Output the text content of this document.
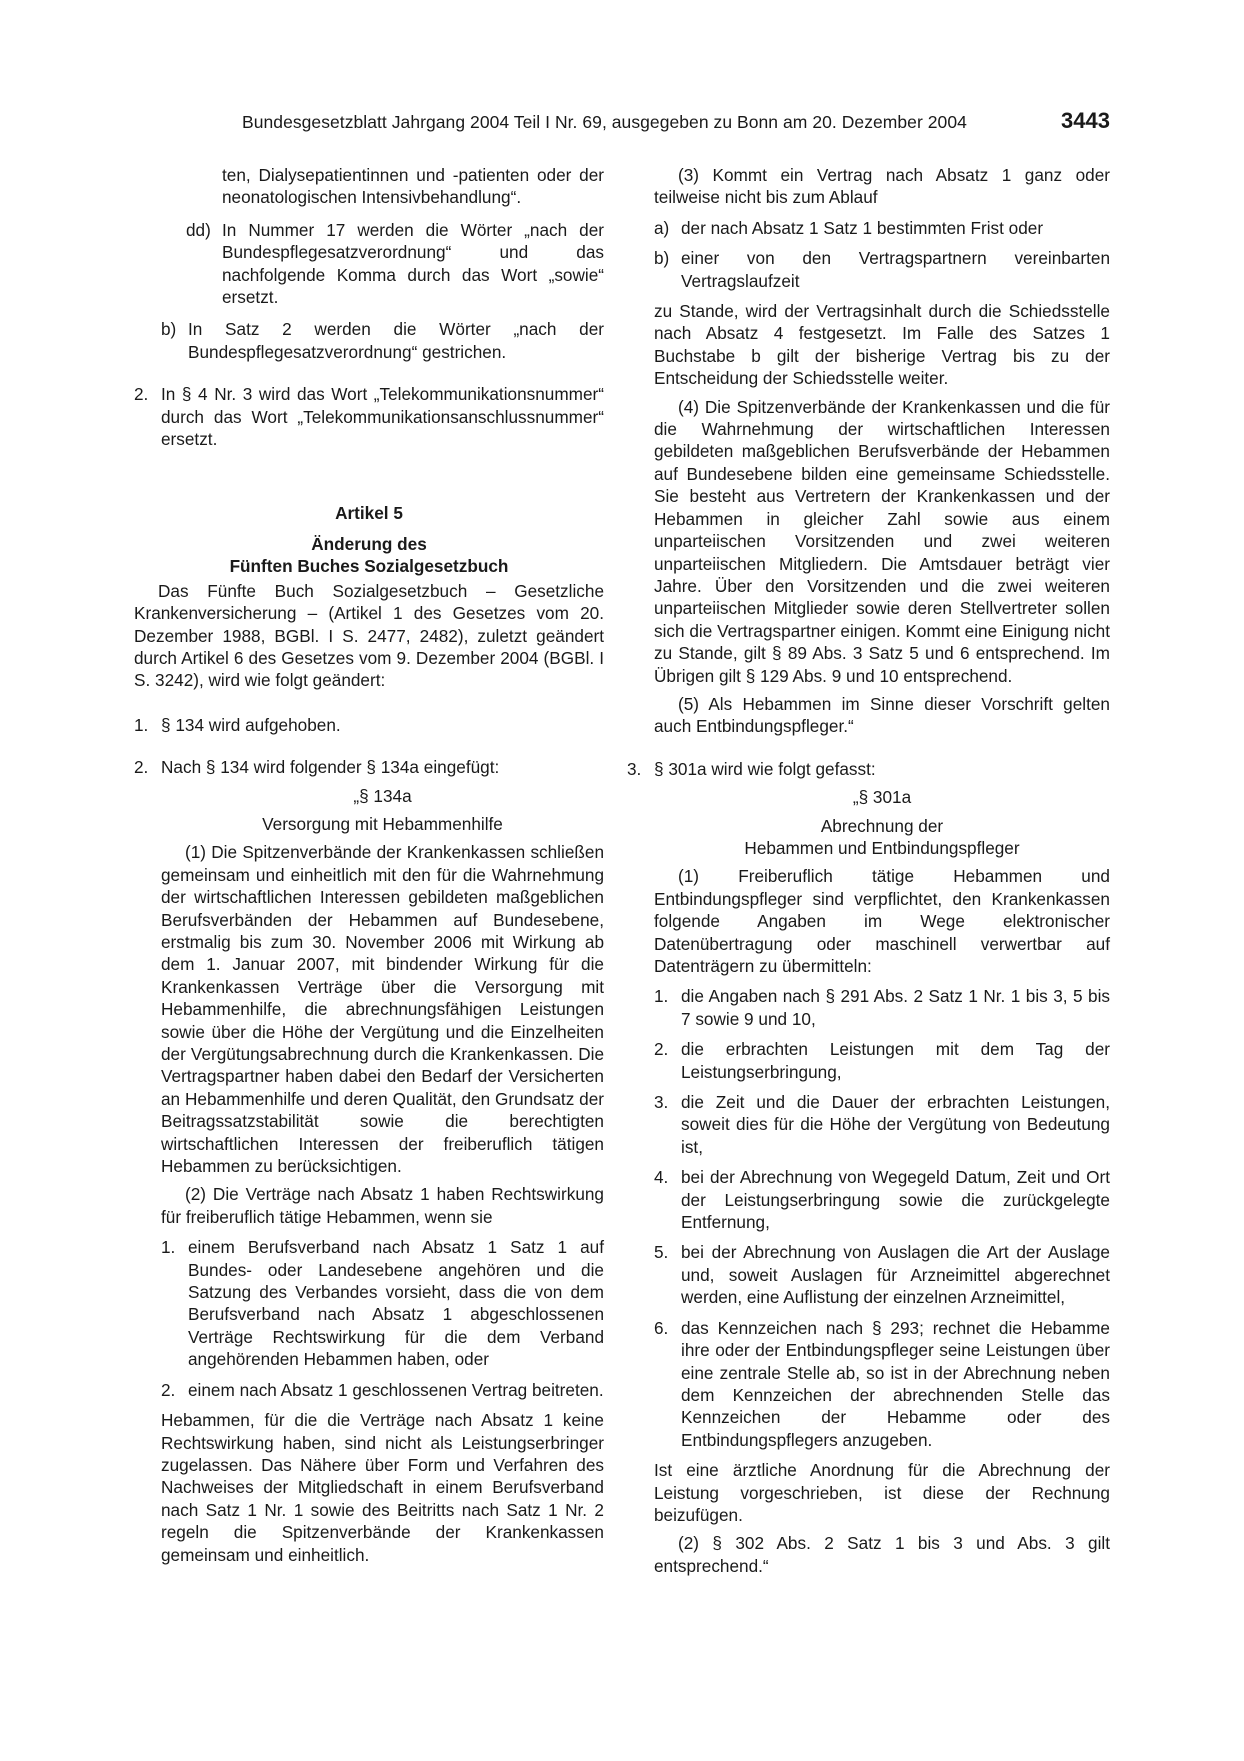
Bundesgesetzblatt Jahrgang 2004 Teil I Nr. 69, ausgegeben zu Bonn am 20. Dezember 2004	3443

ten, Dialysepatientinnen und -patienten oder der neonatologischen Intensivbehandlung“.

dd) In Nummer 17 werden die Wörter „nach der Bundespflegesatzverordnung“ und das nachfolgende Komma durch das Wort „sowie“ ersetzt.
b) In Satz 2 werden die Wörter „nach der Bundespflegesatzverordnung“ gestrichen.
2. In § 4 Nr. 3 wird das Wort „Telekommunikationsnummer“ durch das Wort „Telekommunikationsanschlussnummer“ ersetzt.

Artikel 5

Änderung des

Fünften Buches Sozialgesetzbuch

Das Fünfte Buch Sozialgesetzbuch – Gesetzliche Krankenversicherung – (Artikel 1 des Gesetzes vom 20. Dezember 1988, BGBl. I S. 2477, 2482), zuletzt geändert durch Artikel 6 des Gesetzes vom 9. Dezember 2004 (BGBl. I S. 3242), wird wie folgt geändert:

1. § 134 wird aufgehoben.
2. Nach § 134 wird folgender § 134a eingefügt:

„§ 134a

Versorgung mit Hebammenhilfe

(1) Die Spitzenverbände der Krankenkassen schließen gemeinsam und einheitlich mit den für die Wahrnehmung der wirtschaftlichen Interessen gebildeten maßgeblichen Berufsverbänden der Hebammen auf Bundesebene, erstmalig bis zum 30. November 2006 mit Wirkung ab dem 1. Januar 2007, mit bindender Wirkung für die Krankenkassen Verträge über die Versorgung mit Hebammenhilfe, die abrechnungsfähigen Leistungen sowie über die Höhe der Vergütung und die Einzelheiten der Vergütungsabrechnung durch die Krankenkassen. Die Vertragspartner haben dabei den Bedarf der Versicherten an Hebammenhilfe und deren Qualität, den Grundsatz der Beitragssatzstabilität sowie die berechtigten wirtschaftlichen Interessen der freiberuflich tätigen Hebammen zu berücksichtigen.

(2) Die Verträge nach Absatz 1 haben Rechtswirkung für freiberuflich tätige Hebammen, wenn sie

1. einem Berufsverband nach Absatz 1 Satz 1 auf Bundes- oder Landesebene angehören und die Satzung des Verbandes vorsieht, dass die von dem Berufsverband nach Absatz 1 abgeschlossenen Verträge Rechtswirkung für die dem Verband angehörenden Hebammen haben, oder
2. einem nach Absatz 1 geschlossenen Vertrag beitreten.

Hebammen, für die die Verträge nach Absatz 1 keine Rechtswirkung haben, sind nicht als Leistungserbringer zugelassen. Das Nähere über Form und Verfahren des Nachweises der Mitgliedschaft in einem Berufsverband nach Satz 1 Nr. 1 sowie des Beitritts nach Satz 1 Nr. 2 regeln die Spitzenverbände der Krankenkassen gemeinsam und einheitlich.

(3) Kommt ein Vertrag nach Absatz 1 ganz oder teilweise nicht bis zum Ablauf

a) der nach Absatz 1 Satz 1 bestimmten Frist oder
b) einer von den Vertragspartnern vereinbarten Vertragslaufzeit

zu Stande, wird der Vertragsinhalt durch die Schiedsstelle nach Absatz 4 festgesetzt. Im Falle des Satzes 1 Buchstabe b gilt der bisherige Vertrag bis zu der Entscheidung der Schiedsstelle weiter.

(4) Die Spitzenverbände der Krankenkassen und die für die Wahrnehmung der wirtschaftlichen Interessen gebildeten maßgeblichen Berufsverbände der Hebammen auf Bundesebene bilden eine gemeinsame Schiedsstelle. Sie besteht aus Vertretern der Krankenkassen und der Hebammen in gleicher Zahl sowie aus einem unparteiischen Vorsitzenden und zwei weiteren unparteiischen Mitgliedern. Die Amtsdauer beträgt vier Jahre. Über den Vorsitzenden und die zwei weiteren unparteiischen Mitglieder sowie deren Stellvertreter sollen sich die Vertragspartner einigen. Kommt eine Einigung nicht zu Stande, gilt § 89 Abs. 3 Satz 5 und 6 entsprechend. Im Übrigen gilt § 129 Abs. 9 und 10 entsprechend.

(5) Als Hebammen im Sinne dieser Vorschrift gelten auch Entbindungspfleger.“

3. § 301a wird wie folgt gefasst:

„§ 301a

Abrechnung der

Hebammen und Entbindungspfleger

(1) Freiberuflich tätige Hebammen und Entbindungspfleger sind verpflichtet, den Krankenkassen folgende Angaben im Wege elektronischer Datenübertragung oder maschinell verwertbar auf Datenträgern zu übermitteln:

1. die Angaben nach § 291 Abs. 2 Satz 1 Nr. 1 bis 3, 5 bis 7 sowie 9 und 10,
2. die erbrachten Leistungen mit dem Tag der Leistungserbringung,
3. die Zeit und die Dauer der erbrachten Leistungen, soweit dies für die Höhe der Vergütung von Bedeutung ist,
4. bei der Abrechnung von Wegegeld Datum, Zeit und Ort der Leistungserbringung sowie die zurückgelegte Entfernung,
5. bei der Abrechnung von Auslagen die Art der Auslage und, soweit Auslagen für Arzneimittel abgerechnet werden, eine Auflistung der einzelnen Arzneimittel,
6. das Kennzeichen nach § 293; rechnet die Hebamme ihre oder der Entbindungspfleger seine Leistungen über eine zentrale Stelle ab, so ist in der Abrechnung neben dem Kennzeichen der abrechnenden Stelle das Kennzeichen der Hebamme oder des Entbindungspflegers anzugeben.

Ist eine ärztliche Anordnung für die Abrechnung der Leistung vorgeschrieben, ist diese der Rechnung beizufügen.

(2) § 302 Abs. 2 Satz 1 bis 3 und Abs. 3 gilt entsprechend.“
